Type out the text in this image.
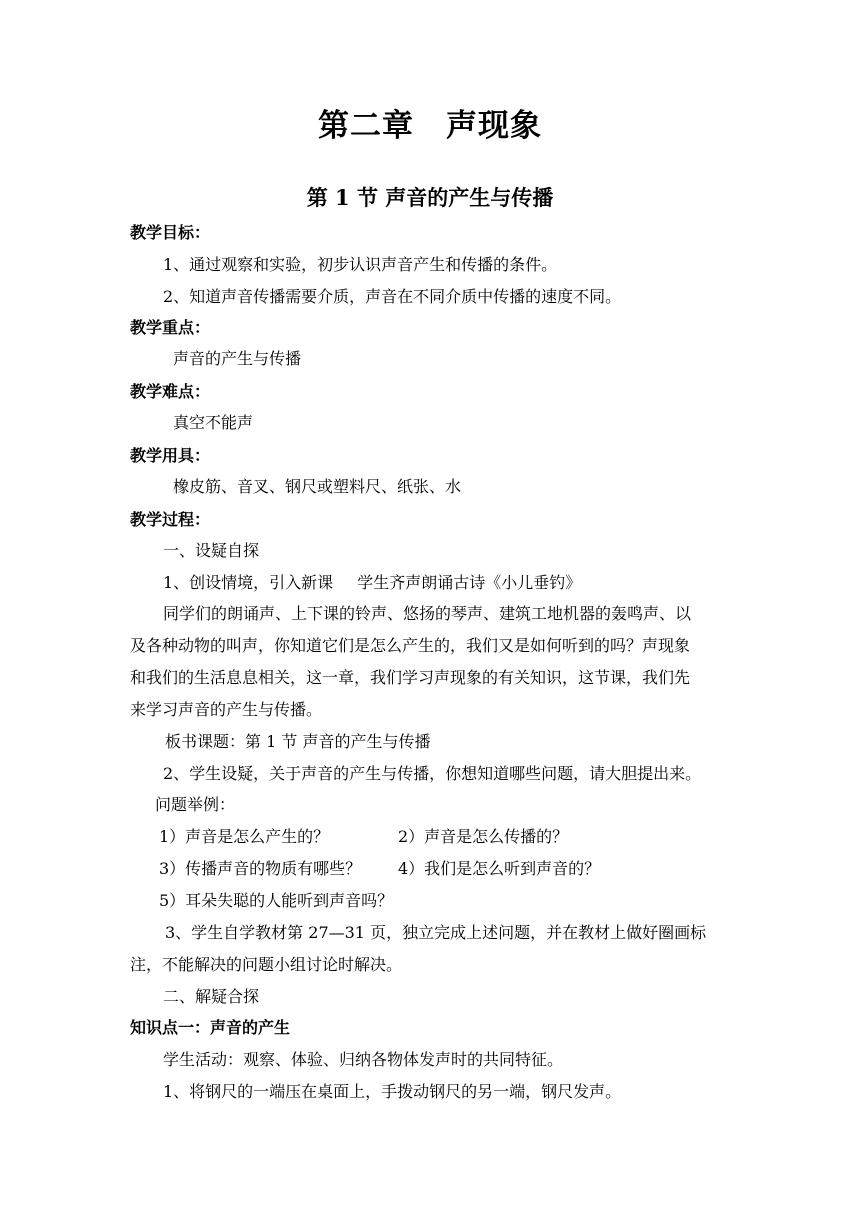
第二章　声现象
第 1 节 声音的产生与传播
教学目标：
1、通过观察和实验，初步认识声音产生和传播的条件。
2、知道声音传播需要介质，声音在不同介质中传播的速度不同。
教学重点：
声音的产生与传播
教学难点：
真空不能声
教学用具：
橡皮筋、音叉、钢尺或塑料尺、纸张、水
教学过程：
一、设疑自探
1、创设情境，引入新课 学生齐声朗诵古诗《小儿垂钓》
同学们的朗诵声、上下课的铃声、悠扬的琴声、建筑工地机器的轰鸣声、以
及各种动物的叫声，你知道它们是怎么产生的，我们又是如何听到的吗？声现象
和我们的生活息息相关，这一章，我们学习声现象的有关知识，这节课，我们先
来学习声音的产生与传播。
板书课题：第 1 节 声音的产生与传播
2、学生设疑，关于声音的产生与传播，你想知道哪些问题，请大胆提出来。
问题举例：
1）声音是怎么产生的？	2）声音是怎么传播的？
3）传播声音的物质有哪些？ 4）我们是怎么听到声音的？
5）耳朵失聪的人能听到声音吗？
3、学生自学教材第 27—31 页，独立完成上述问题，并在教材上做好圈画标
注，不能解决的问题小组讨论时解决。
二、解疑合探
知识点一：声音的产生
学生活动：观察、体验、归纳各物体发声时的共同特征。
1、将钢尺的一端压在桌面上，手拨动钢尺的另一端，钢尺发声。
